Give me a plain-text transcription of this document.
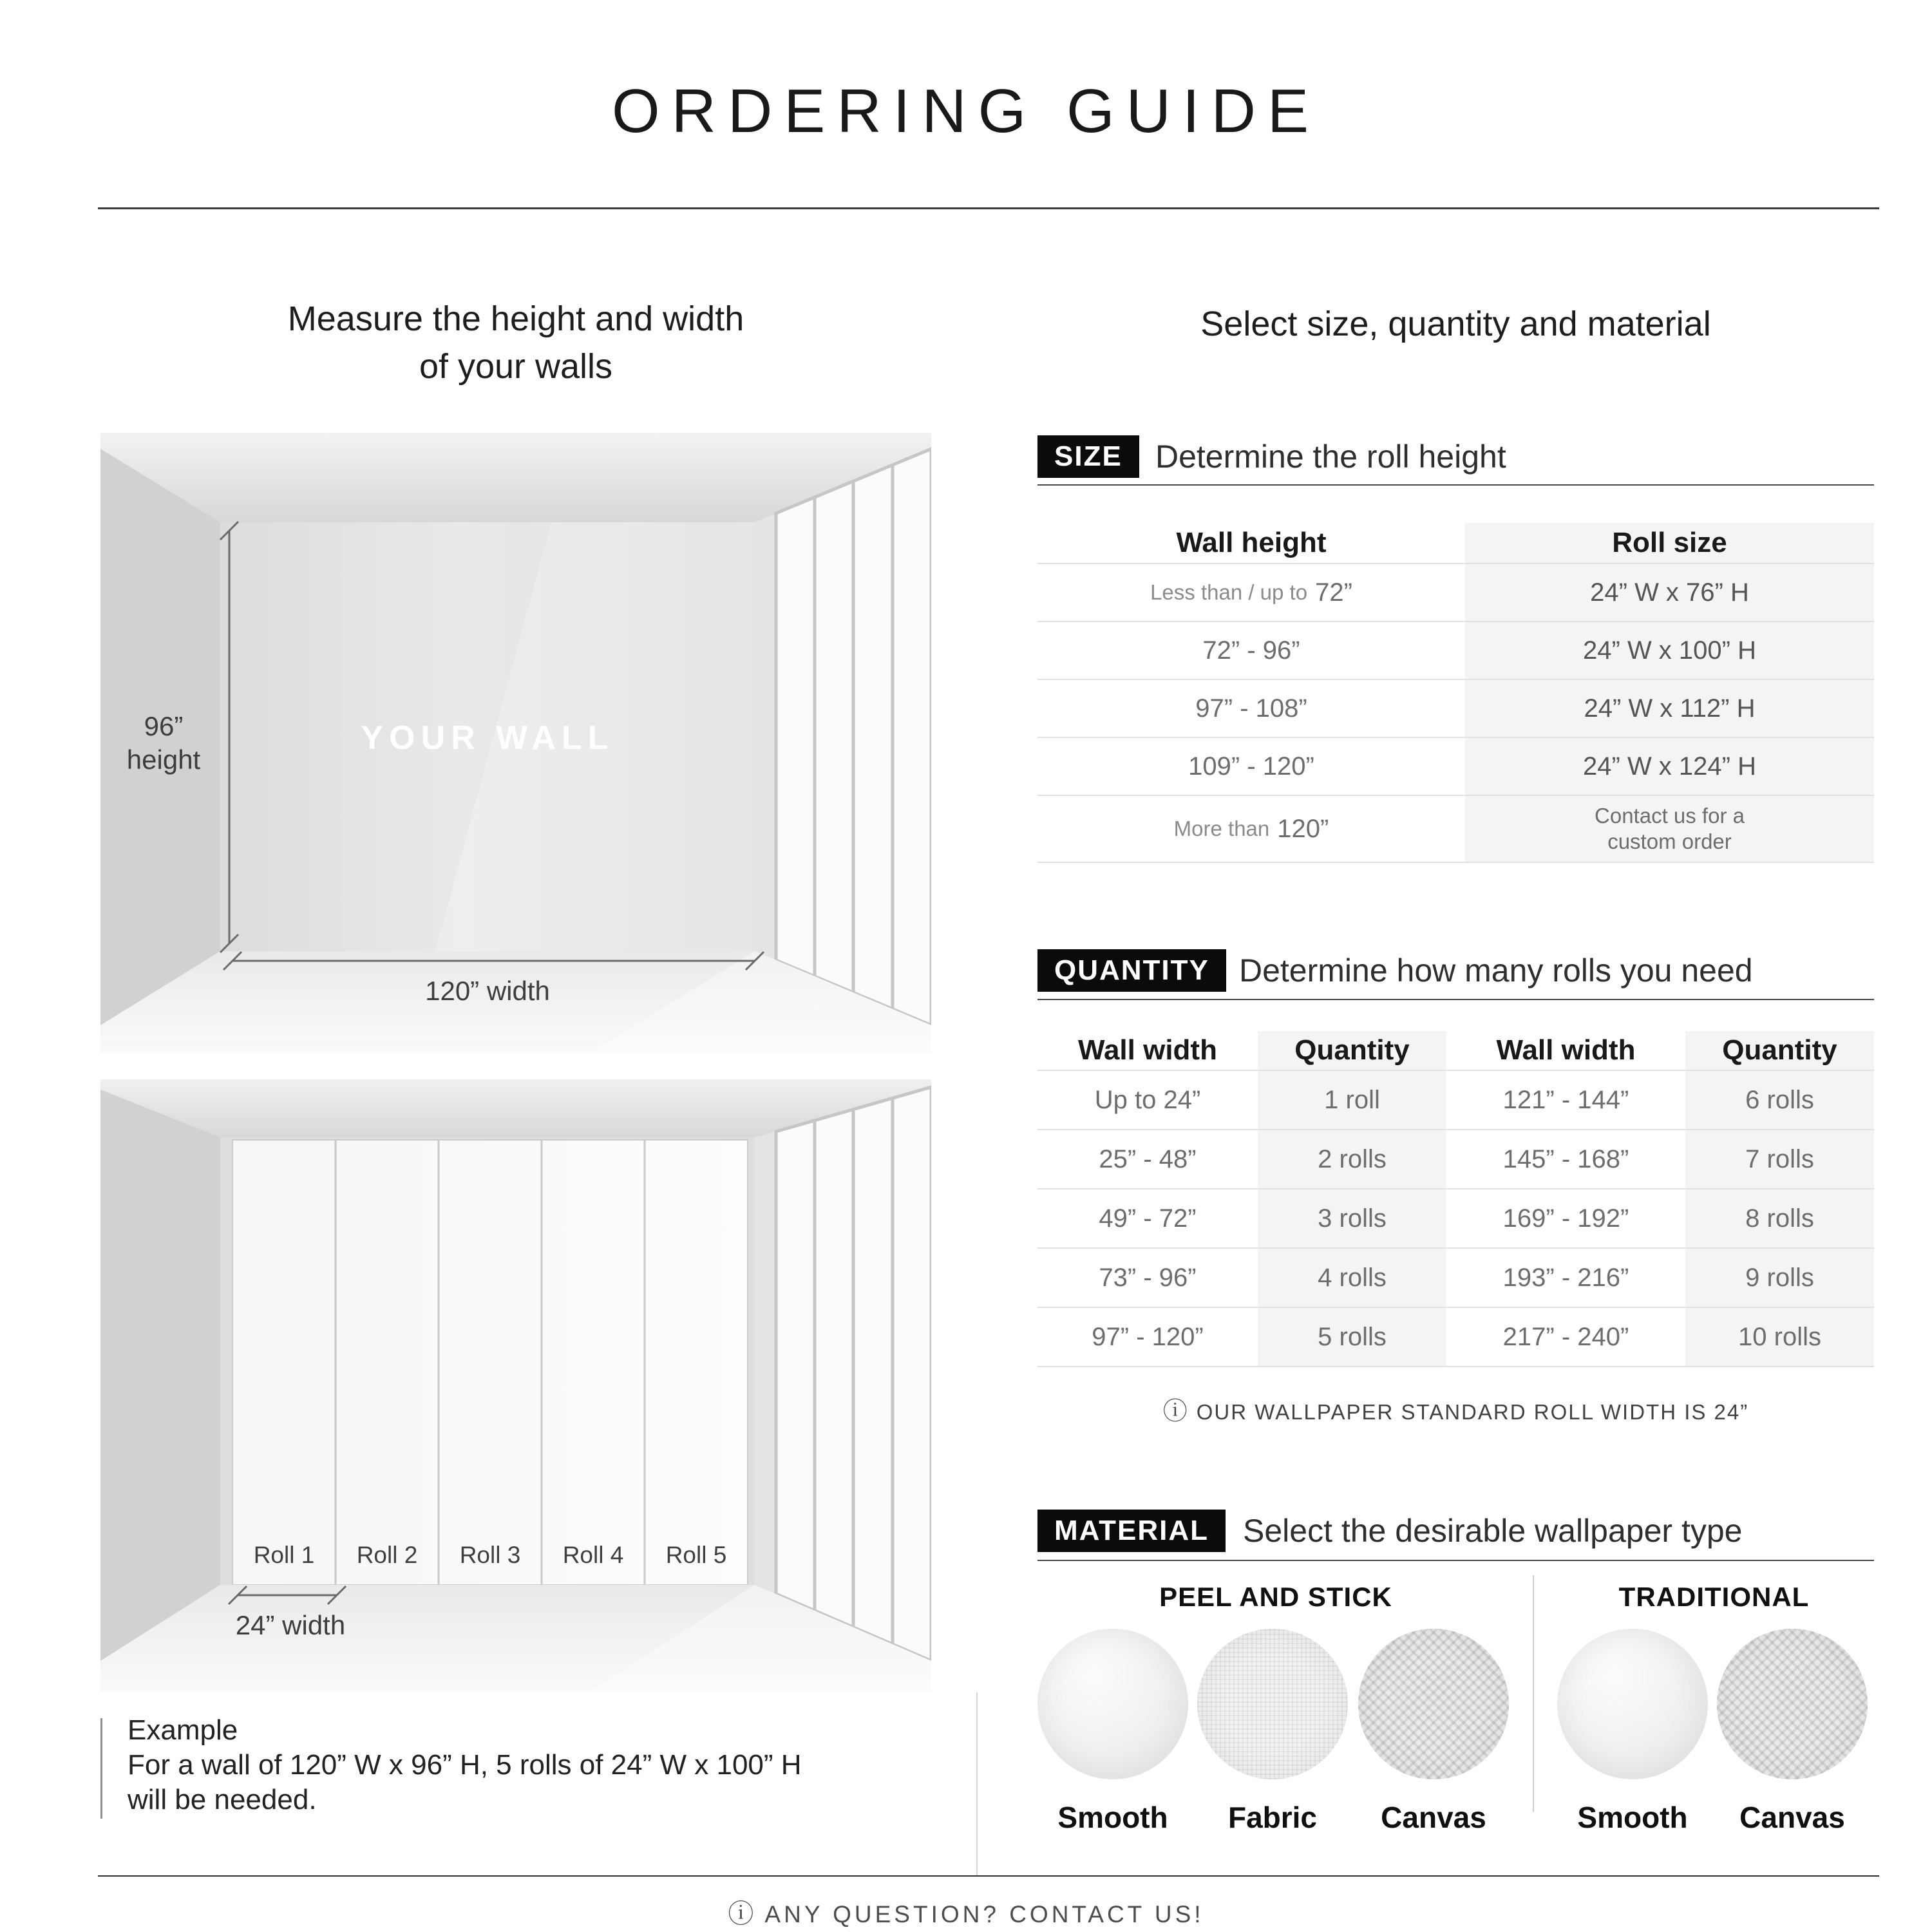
ORDERING GUIDE
Measure the height and width
of your walls
Select size, quantity and material
YOUR WALL
96”
height
120” width
Roll 1	Roll 2	Roll 3	Roll 4	Roll 5
24” width
Example
For a wall of 120” W x 96” H, 5 rolls of 24” W x 100” H
will be needed.
SIZE	Determine the roll height
Wall height	Roll size
Less than / up to 72”	24” W x 76” H
72” - 96”	24” W x 100” H
97” - 108”	24” W x 112” H
109” - 120”	24” W x 124” H
More than 120”	Contact us for a
custom order
QUANTITY Determine how many rolls you need
Wall width	Quantity	Wall width	Quantity
Up to 24”	1 roll	121” - 144”	6 rolls
25” - 48”	2 rolls	145” - 168”	7 rolls
49” - 72”	3 rolls	169” - 192”	8 rolls
73” - 96”	4 rolls	193” - 216”	9 rolls
97” - 120”	5 rolls	217” - 240”	10 rolls
ⓘ OUR WALLPAPER STANDARD ROLL WIDTH IS 24”
MATERIAL	Select the desirable wallpaper type
PEEL AND STICK	TRADITIONAL
Smooth	Fabric	Canvas	Smooth	Canvas
ⓘ ANY QUESTION? CONTACT US!
